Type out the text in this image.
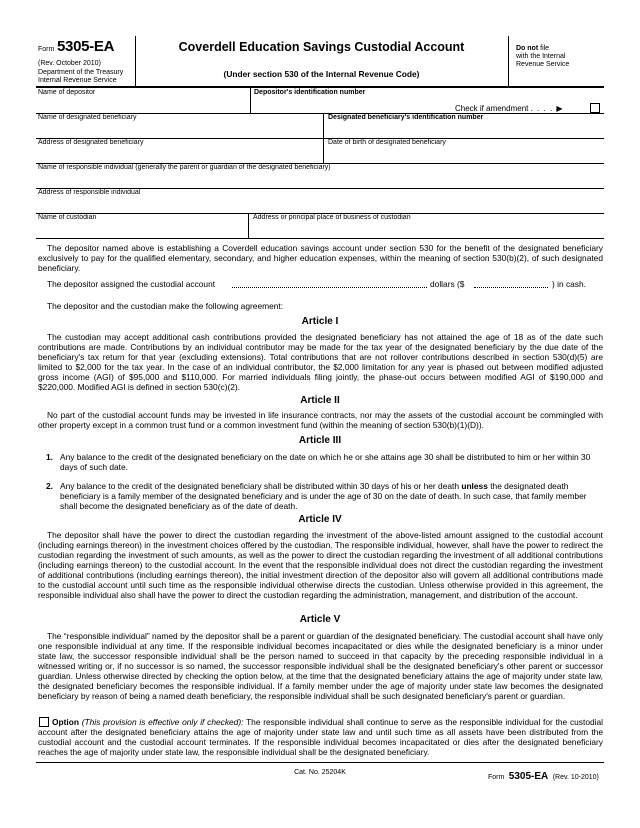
Form 5305-EA
(Rev. October 2010)
Department of the Treasury
Internal Revenue Service
Coverdell Education Savings Custodial Account
(Under section 530 of the Internal Revenue Code)
Do not file
with the Internal
Revenue Service
Name of depositor	Depositor's identification number
Check if amendment . . . . ▶
Name of designated beneficiary	Designated beneficiary's identification number
Address of designated beneficiary	Date of birth of designated beneficiary
Name of responsible individual (generally the parent or guardian of the designated beneficiary)
Address of responsible individual
Name of custodian	Address or principal place of business of custodian
The depositor named above is establishing a Coverdell education savings account under section 530 for the benefit of the designated beneficiary exclusively to pay for the qualified elementary, secondary, and higher education expenses, within the meaning of section 530(b)(2), of such designated beneficiary.
The depositor assigned the custodial account	dollars ($	) in cash.
The depositor and the custodian make the following agreement:
Article I
The custodian may accept additional cash contributions provided the designated beneficiary has not attained the age of 18 as of the date such contributions are made. Contributions by an individual contributor may be made for the tax year of the designated beneficiary by the due date of the beneficiary's tax return for that year (excluding extensions). Total contributions that are not rollover contributions described in section 530(d)(5) are limited to $2,000 for the tax year. In the case of an individual contributor, the $2,000 limitation for any year is phased out between modified adjusted gross income (AGI) of $95,000 and $110,000. For married individuals filing jointly, the phase-out occurs between modified AGI of $190,000 and $220,000. Modified AGI is defined in section 530(c)(2).
Article II
No part of the custodial account funds may be invested in life insurance contracts, nor may the assets of the custodial account be commingled with other property except in a common trust fund or a common investment fund (within the meaning of section 530(b)(1)(D)).
Article III
1. Any balance to the credit of the designated beneficiary on the date on which he or she attains age 30 shall be distributed to him or her within 30 days of such date.
2. Any balance to the credit of the designated beneficiary shall be distributed within 30 days of his or her death unless the designated death beneficiary is a family member of the designated beneficiary and is under the age of 30 on the date of death. In such case, that family member shall become the designated beneficiary as of the date of death.
Article IV
The depositor shall have the power to direct the custodian regarding the investment of the above-listed amount assigned to the custodial account (including earnings thereon) in the investment choices offered by the custodian. The responsible individual, however, shall have the power to redirect the custodian regarding the investment of such amounts, as well as the power to direct the custodian regarding the investment of all additional contributions (including earnings thereon) to the custodial account. In the event that the responsible individual does not direct the custodian regarding the investment of additional contributions (including earnings thereon), the initial investment direction of the depositor also will govern all additional contributions made to the custodial account until such time as the responsible individual otherwise directs the custodian. Unless otherwise provided in this agreement, the responsible individual also shall have the power to direct the custodian regarding the administration, management, and distribution of the account.
Article V
The “responsible individual” named by the depositor shall be a parent or guardian of the designated beneficiary. The custodial account shall have only one responsible individual at any time. If the responsible individual becomes incapacitated or dies while the designated beneficiary is a minor under state law, the successor responsible individual shall be the person named to succeed in that capacity by the preceding responsible individual in a witnessed writing or, if no successor is so named, the successor responsible individual shall be the designated beneficiary's other parent or successor guardian. Unless otherwise directed by checking the option below, at the time that the designated beneficiary attains the age of majority under state law, the designated beneficiary becomes the responsible individual. If a family member under the age of majority under state law becomes the designated beneficiary by reason of being a named death beneficiary, the responsible individual shall be such designated beneficiary's parent or guardian.
Option (This provision is effective only if checked): The responsible individual shall continue to serve as the responsible individual for the custodial account after the designated beneficiary attains the age of majority under state law and until such time as all assets have been distributed from the custodial account and the custodial account terminates. If the responsible individual becomes incapacitated or dies after the designated beneficiary reaches the age of majority under state law, the responsible individual shall be the designated beneficiary.
Cat. No. 25204K
Form 5305-EA (Rev. 10-2010)
